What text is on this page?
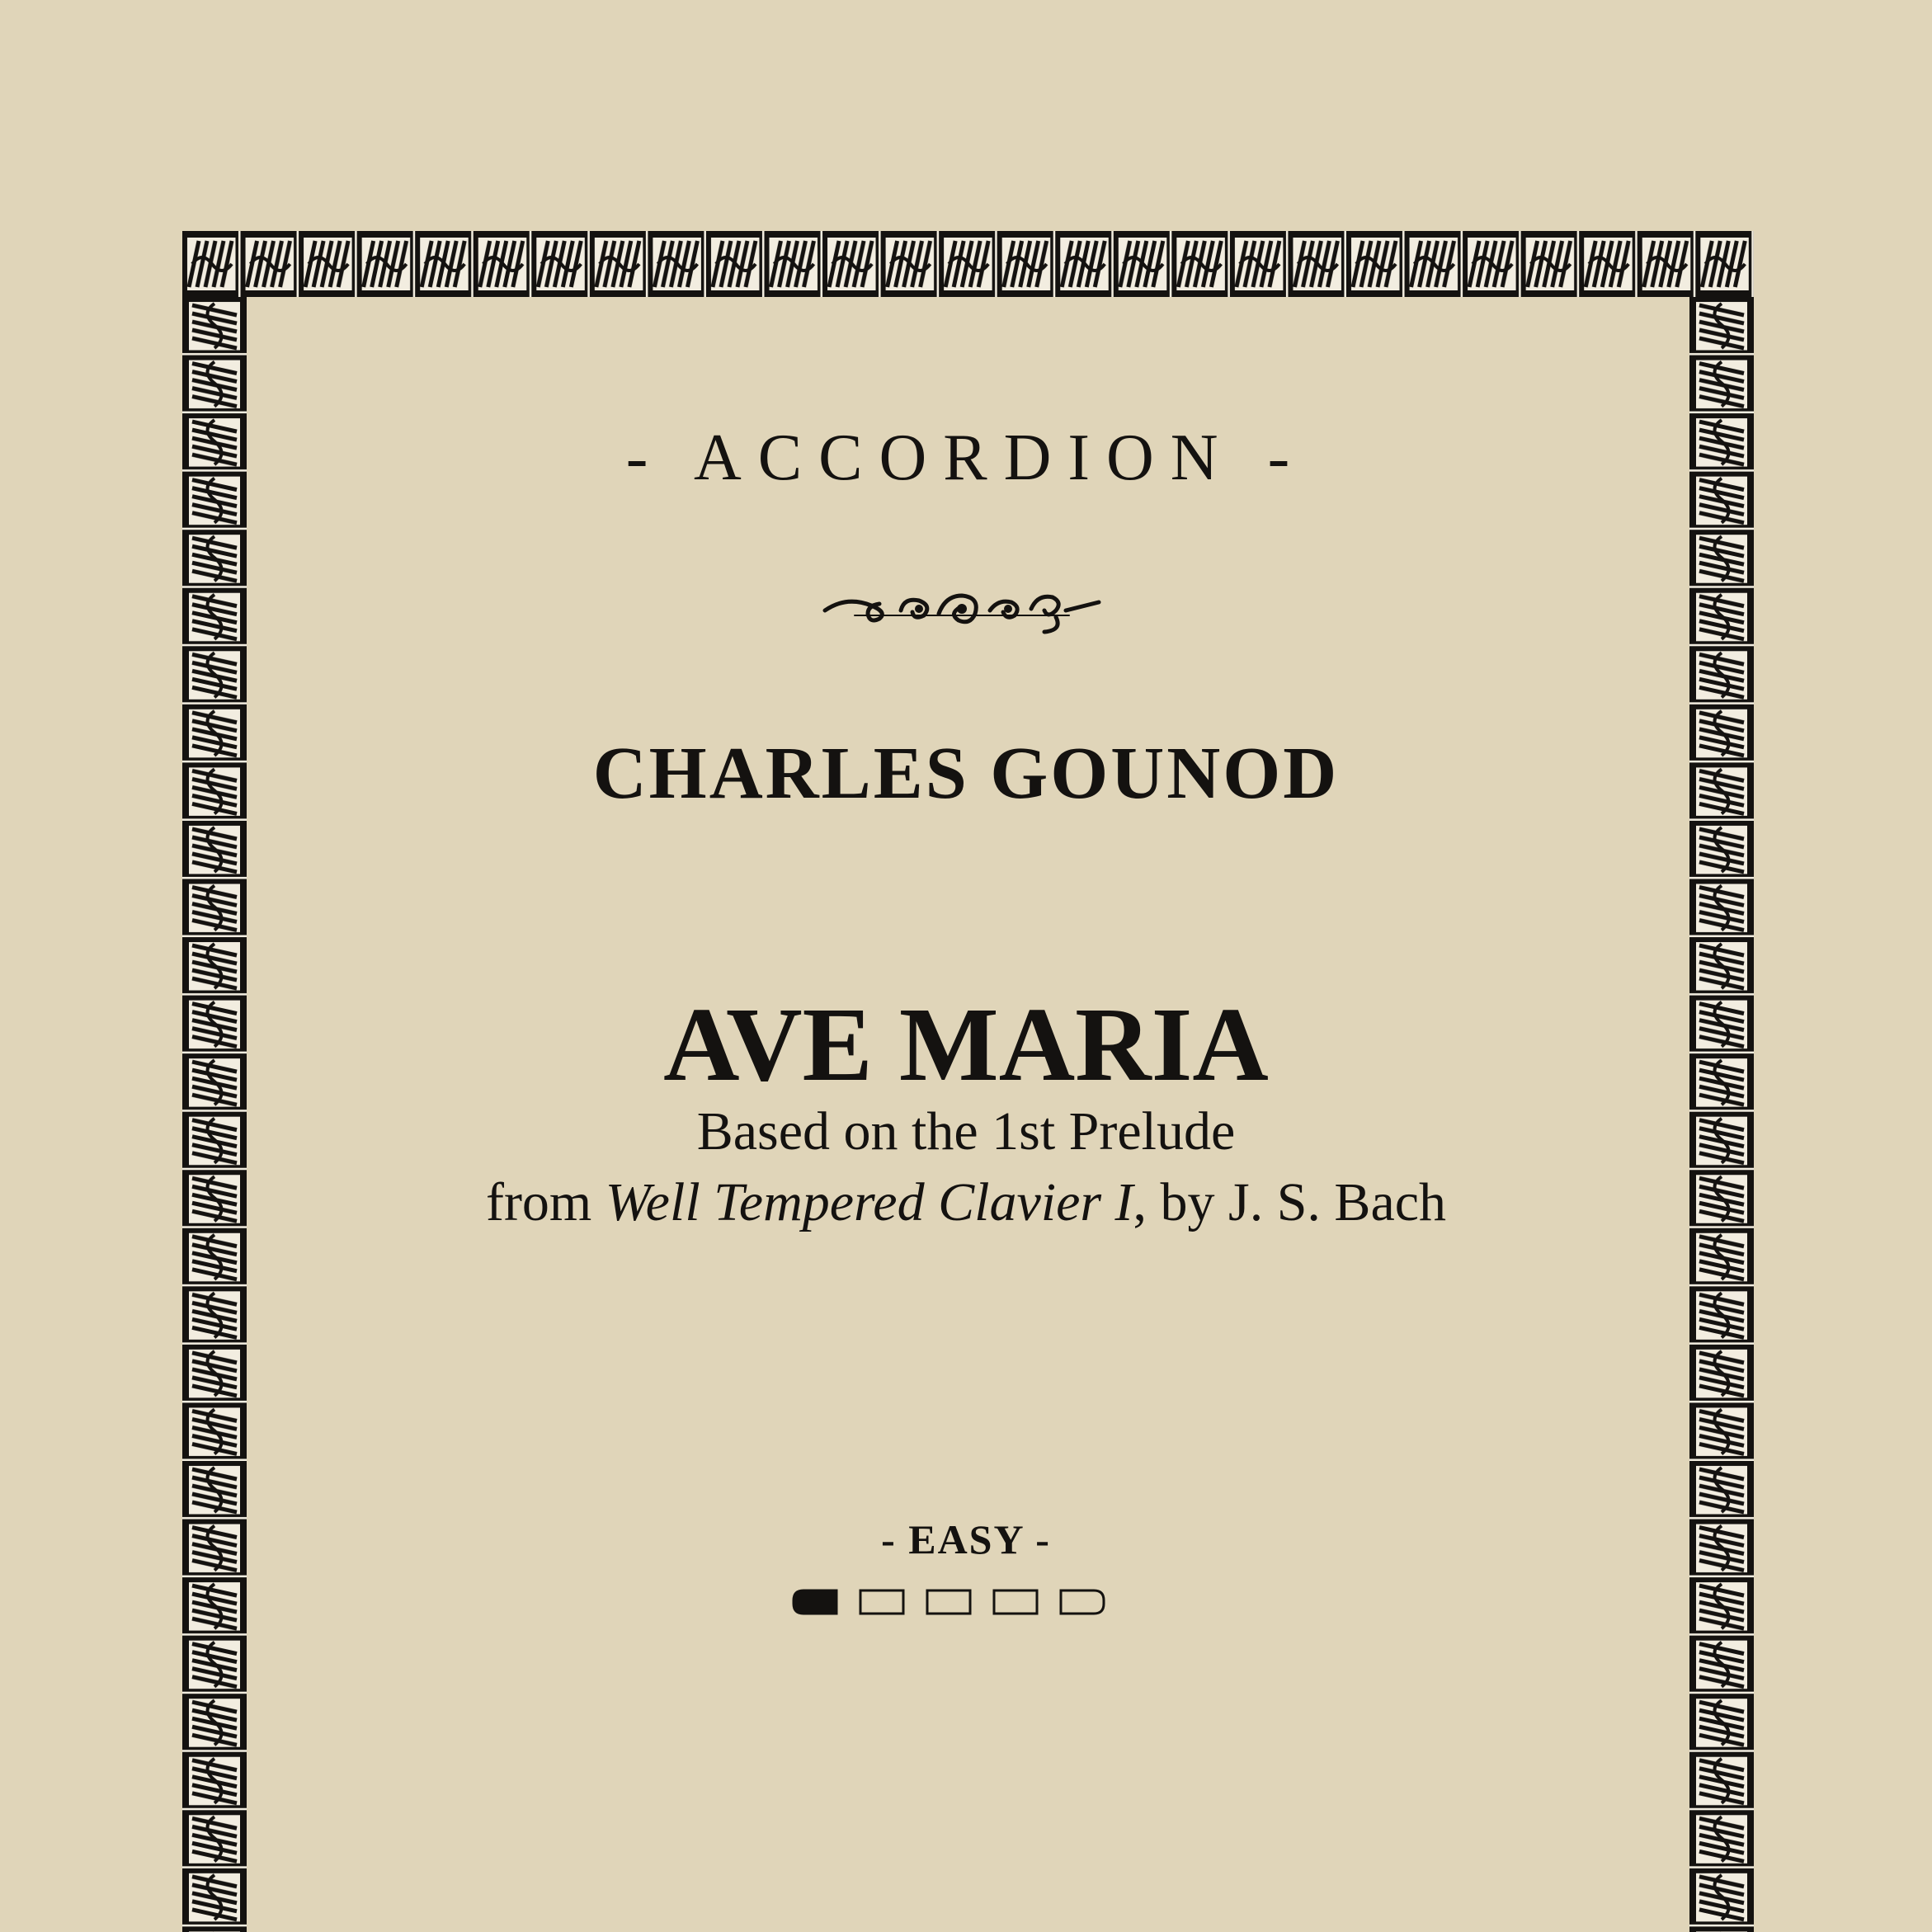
- ACCORDION -
CHARLES GOUNOD
AVE MARIA
Based on the 1st Prelude
from Well Tempered Clavier I, by J. S. Bach
- EASY -
